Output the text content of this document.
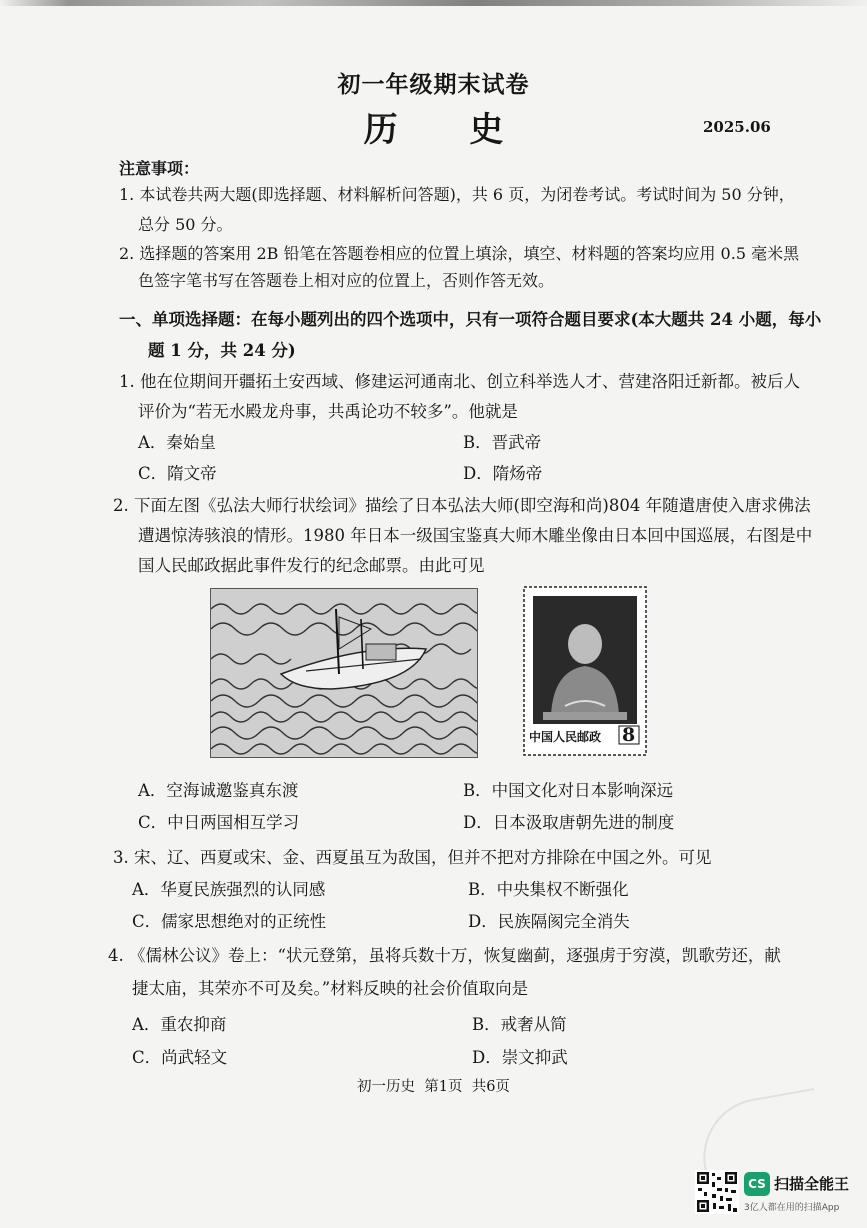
初一年级期末试卷
历 史	2025.06
注意事项：
1. 本试卷共两大题(即选择题、材料解析问答题)，共 6 页，为闭卷考试。考试时间为 50 分钟，
总分 50 分。
2. 选择题的答案用 2B 铅笔在答题卷相应的位置上填涂，填空、材料题的答案均应用 0.5 毫米黑
色签字笔书写在答题卷上相对应的位置上，否则作答无效。
一、单项选择题：在每小题列出的四个选项中，只有一项符合题目要求(本大题共 24 小题，每小
题 1 分，共 24 分)
1. 他在位期间开疆拓土安西域、修建运河通南北、创立科举选人才、营建洛阳迁新都。被后人
评价为“若无水殿龙舟事，共禹论功不较多”。他就是
A．秦始皇	B．晋武帝
C．隋文帝	D．隋炀帝
2. 下面左图《弘法大师行状绘词》描绘了日本弘法大师(即空海和尚)804 年随遣唐使入唐求佛法
遭遇惊涛骇浪的情形。1980 年日本一级国宝鉴真大师木雕坐像由日本回中国巡展，右图是中
国人民邮政据此事件发行的纪念邮票。由此可见
中国人民邮政 8
A．空海诚邀鉴真东渡	B．中国文化对日本影响深远
C．中日两国相互学习	D．日本汲取唐朝先进的制度
3. 宋、辽、西夏或宋、金、西夏虽互为敌国，但并不把对方排除在中国之外。可见
A．华夏民族强烈的认同感	B．中央集权不断强化
C．儒家思想绝对的正统性	D．民族隔阂完全消失
4. 《儒林公议》卷上：“状元登第，虽将兵数十万，恢复幽蓟，逐强虏于穷漠，凯歌劳还，献
捷太庙，其荣亦不可及矣。”材料反映的社会价值取向是
A．重农抑商	B．戒奢从简
C．尚武轻文	D．崇文抑武
初一历史  第1页  共6页
CS 扫描全能王
3亿人都在用的扫描App
